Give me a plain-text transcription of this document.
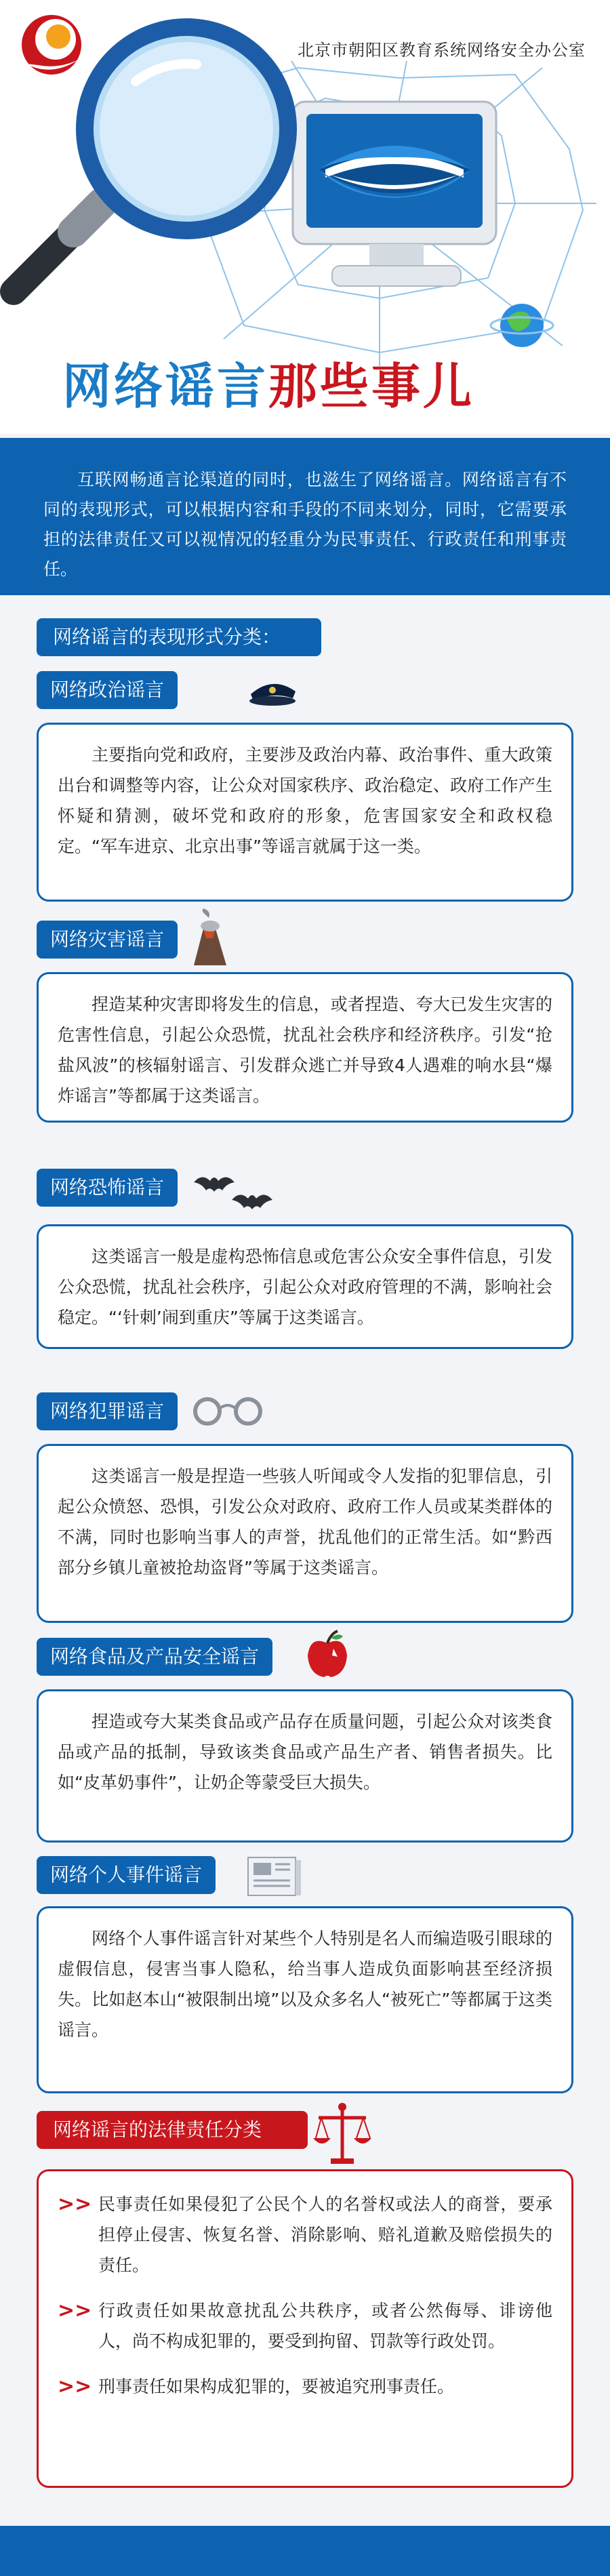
北京市朝阳区教育系统网络安全办公室
网络谣言那些事儿

互联网畅通言论渠道的同时，也滋生了网络谣言。网络谣言有不同的表现形式，可以根据内容和手段的不同来划分，同时，它需要承担的法律责任又可以视情况的轻重分为民事责任、行政责任和刑事责任。

网络谣言的表现形式分类：
网络政治谣言

主要指向党和政府，主要涉及政治内幕、政治事件、重大政策出台和调整等内容，让公众对国家秩序、政治稳定、政府工作产生怀疑和猜测，破坏党和政府的形象，危害国家安全和政权稳定。“军车进京、北京出事”等谣言就属于这一类。

网络灾害谣言

捏造某种灾害即将发生的信息，或者捏造、夸大已发生灾害的危害性信息，引起公众恐慌，扰乱社会秩序和经济秩序。引发“抢盐风波”的核辐射谣言、引发群众逃亡并导致4人遇难的响水县“爆炸谣言”等都属于这类谣言。

网络恐怖谣言

这类谣言一般是虚构恐怖信息或危害公众安全事件信息，引发公众恐慌，扰乱社会秩序，引起公众对政府管理的不满，影响社会稳定。“‘针刺’闹到重庆”等属于这类谣言。

网络犯罪谣言

这类谣言一般是捏造一些骇人听闻或令人发指的犯罪信息，引起公众愤怒、恐惧，引发公众对政府、政府工作人员或某类群体的不满，同时也影响当事人的声誉，扰乱他们的正常生活。如“黔西部分乡镇儿童被抢劫盗肾”等属于这类谣言。

网络食品及产品安全谣言

捏造或夸大某类食品或产品存在质量问题，引起公众对该类食品或产品的抵制，导致该类食品或产品生产者、销售者损失。比如“皮革奶事件”，让奶企等蒙受巨大损失。

网络个人事件谣言

网络个人事件谣言针对某些个人特别是名人而编造吸引眼球的虚假信息，侵害当事人隐私，给当事人造成负面影响甚至经济损失。比如赵本山“被限制出境”以及众多名人“被死亡”等都属于这类谣言。

网络谣言的法律责任分类
>> 民事责任如果侵犯了公民个人的名誉权或法人的商誉，要承担停止侵害、恢复名誉、消除影响、赔礼道歉及赔偿损失的责任。

>> 行政责任如果故意扰乱公共秩序，或者公然侮辱、诽谤他人，尚不构成犯罪的，要受到拘留、罚款等行政处罚。

>> 刑事责任如果构成犯罪的，要被追究刑事责任。
